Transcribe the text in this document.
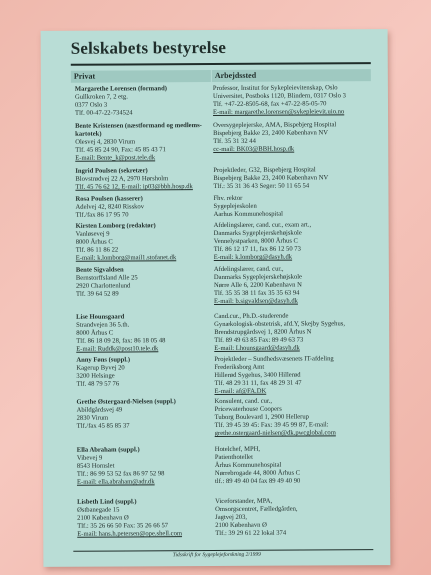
Selskabets bestyrelse
Privat	Arbejdssted
Margarethe Lorensen (formand)
Gullkroken 7, 2 etg.
0377 Oslo 3
Tlf. 00-47-22-734524
Professor, Institut for Sykepleievitenskap, Oslo
Universitet, Postboks 1120, Blindern, 0317 Oslo 3
Tlf. +47-22-8505-68, fax +47-22-85-05-70
E-mail: margarethe.lorensen@sykepleievit.uio.no
Bente Kristensen (næstformand og medlems-
kartotek)
Olesvej 4, 2830 Virum
Tlf. 45 85 24 90, Fax: 45 85 43 71
E-mail: Bente_k@post.tele.dk
Oversygeplejerske, AMA, Bispebjerg Hospital
Bispebjerg Bakke 23, 2400 København NV
Tlf. 35 31 32 44
cc-mail: BK03@BBH.hosp.dk
Ingrid Poulsen (sekretær)
Blovstrødvej 22 A, 2970 Hørsholm
Tlf. 45 76 62 12, E-mail: ip03@bbh.hosp.dk
Projektleder, G32, Bispebjerg Hospital
Bispebjerg Bakke 23, 2400 København NV
Tlf.: 35 31 36 43 Seger: 50 11 65 54
Rosa Poulsen (kasserer)
Adelvej 42, 8240 Risskov
Tlf./fax 86 17 95 70
Fhv. rektor
Sygeplejeskolen
Aarhus Kommunehospital
Kirsten Lomborg (redaktør)
Vanløsevej 9
8000 Århus C
Tlf. 86 11 86 22
E-mail: k.lomborg@mail1.stofanet.dk
Afdelingslærer, cand. cur., exam art.,
Danmarks Sygeplejerskehøjskole
Vennelystparken, 8000 Århus C
Tlf. 86 12 17 11, fax 86 12 50 73
E-mail: k.lomborg@dasyh.dk
Bente Sigvaldsen
Bernstorffsland Alle 25
2920 Charlottenlund
Tlf. 39 64 52 89
Afdelingslærer, cand. cur.,
Danmarks Sygeplejerskehøjskole
Nørre Alle 6, 2200 København N
Tlf. 35 35 38 11 fax 35 35 63 94
E-mail: b.sigvaldsen@dasyh.dk
Lise Hounsgaard
Strandvejen 36 5.th.
8000 Århus C
Tlf. 86 18 09 28, fax: 86 18 05 48
E-mail: Ruddk@post10.tele.dk
Cand.cur., Ph.D.-studerende
Gynækologisk-obstetrisk, afd.Y, Skejby Sygehus,
Brendstrupgårdsvej 1, 8200 Århus N
Tlf. 89 49 63 85 Fax: 89 49 63 73
E-mail: Lhounsgaard@dasyh.dk
Anny Føns (suppl.)
Kagerup Byvej 20
3200 Helsinge
Tlf. 48 79 57 76
Projektleder – Sundhedsvæsenets IT-afdeling
Frederiksborg Amt
Hillerød Sygehus, 3400 Hillerød
Tlf. 48 29 31 11, fax 48 29 31 47
E-mail: af@FA.DK
Grethe Østergaard-Nielsen (suppl.)
Abildgårdsvej 49
2830 Virum
Tlf./fax 45 85 85 37
Konsulent, cand. cur.,
Pricewaterhouse Coopers
Tuborg Boulevard 1, 2900 Hellerup
Tlf. 39 45 39 45: Fax: 39 45 99 87, E-mail:
grethe.ostergaard-nielsen@dk.pwcglobal.com
Ella Abraham (suppl.)
Vibevej 9
8543 Hornslet
Tlf.: 86 99 53 52 fax 86 97 52 98
E-mail: ella.abraham@adr.dk
Hotelchef, MPH,
Patienthotellet
Århus Kommunehospital
Nørrebrogade 44, 8000 Århus C
tlf.: 89 49 40 04 fax 89 49 40 90
Lisbeth Lind (suppl.)
Østbanegade 15
2100 København Ø
Tlf.: 35 26 66 50 Fax: 35 26 66 57
E-mail: hans.h.petersen@ope.shell.com
Viceforstander, MPA,
Omsorgscentret, Fælledgården,
Jagtvej 203,
2100 København Ø
Tlf.: 39 29 61 22 lokal 374
Tidsskrift for Sygeplejeforskning 2/1999
